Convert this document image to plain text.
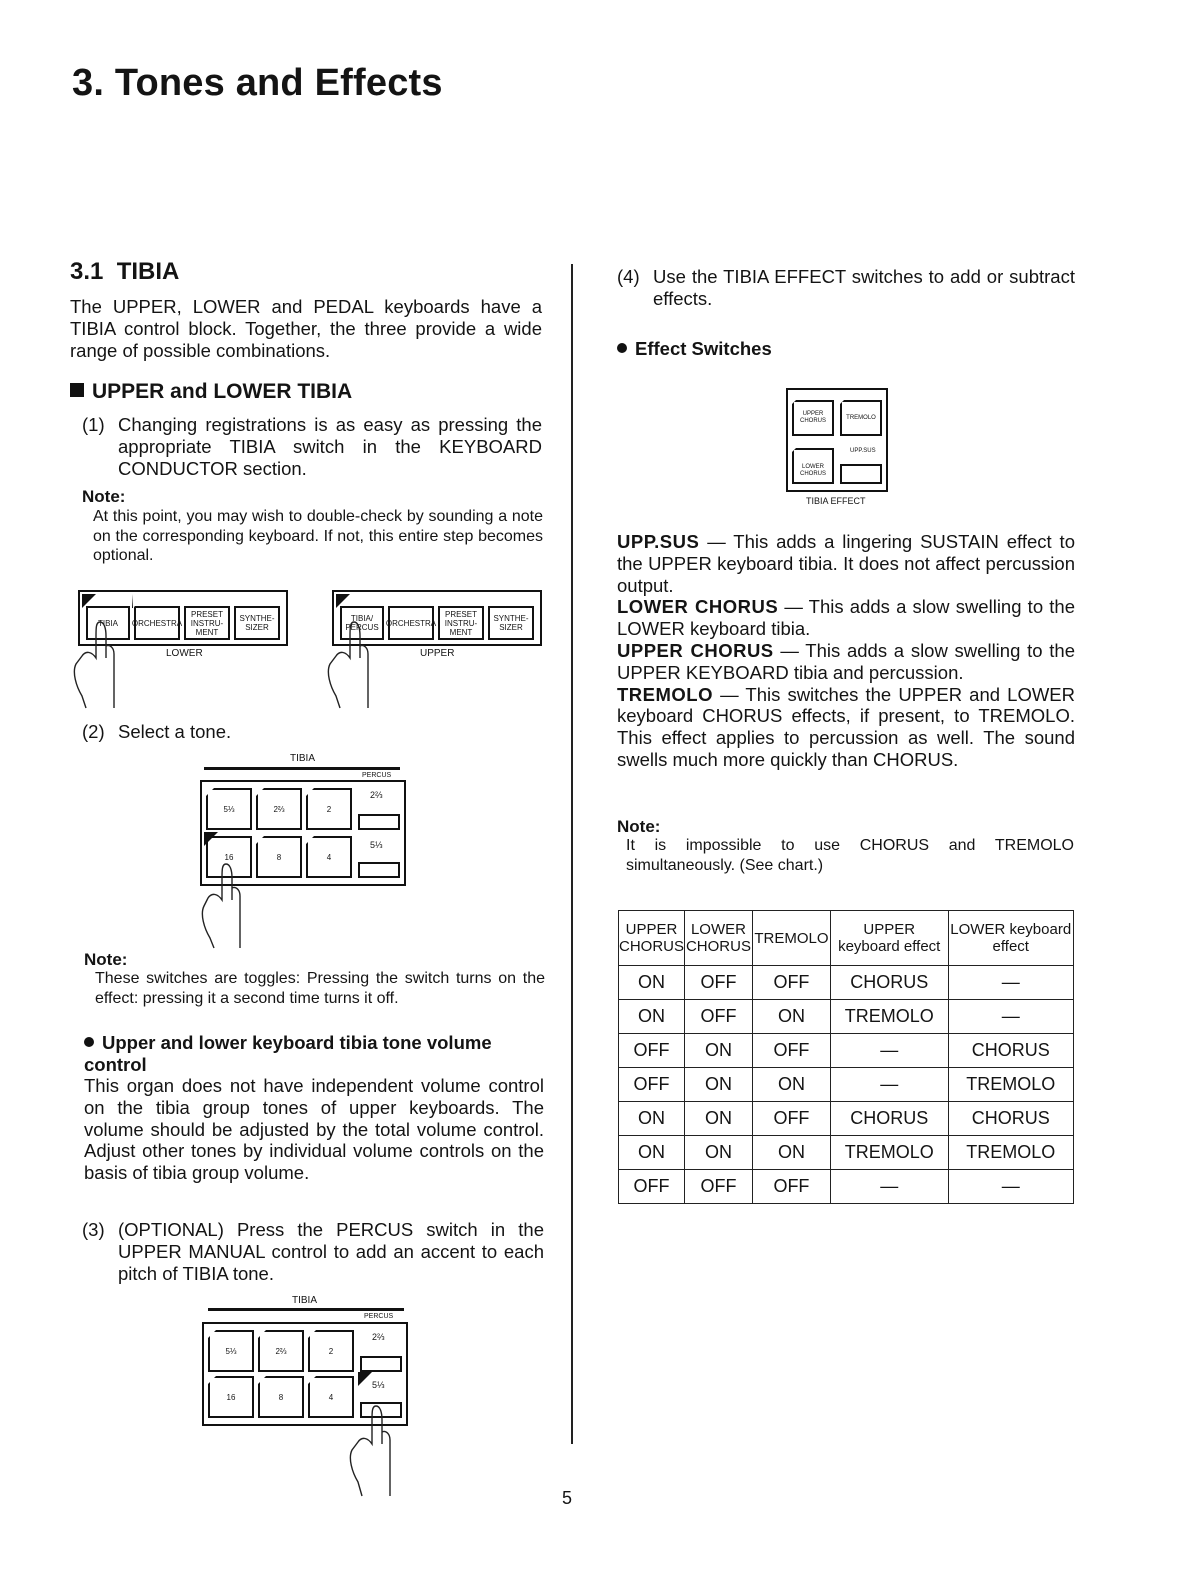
3. Tones and Effects
3.1 TIBIA

The UPPER, LOWER and PEDAL keyboards have a TIBIA control block. Together, the three provide a wide range of possible combinations.

UPPER and LOWER TIBIA
(1) Changing registrations is as easy as pressing the appropriate TIBIA switch in the KEYBOARD CONDUCTOR section.
Note:
At this point, you may wish to double-check by sounding a note on the corresponding keyboard. If not, this entire step becomes optional.
TIBIA ORCHESTRA
PRESET INSTRU- MENT
SYNTHE- SIZER
LOWER
TIBIA/ PERCUS ORCHESTRA
PRESET INSTRU- MENT
SYNTHE- SIZER
UPPER
(2) Select a tone.
TIBIA
PERCUS
5⅓	2⅔	2
16	8	4
2⅔
5⅓
Note:
These switches are toggles: Pressing the switch turns on the effect: pressing it a second time turns it off.
Upper and lower keyboard tibia tone volume control

This organ does not have independent volume control on the tibia group tones of upper keyboards. The volume should be adjusted by the total volume control. Adjust other tones by individual volume controls on the basis of tibia group volume.

(3) (OPTIONAL) Press the PERCUS switch in the UPPER MANUAL control to add an accent to each pitch of TIBIA tone.
TIBIA
PERCUS
5⅓	2⅔	2
16	8	4
2⅔
5⅓
(4) Use the TIBIA EFFECT switches to add or subtract effects.
Effect Switches
UPPER CHORUS
TREMOLO
LOWER CHORUS
UPP.SUS
TIBIA EFFECT
UPP.SUS — This adds a lingering SUSTAIN effect to the UPPER keyboard tibia. It does not affect percussion output.
LOWER CHORUS — This adds a slow swelling to the LOWER keyboard tibia.
UPPER CHORUS — This adds a slow swelling to the UPPER KEYBOARD tibia and percussion.
TREMOLO — This switches the UPPER and LOWER keyboard CHORUS effects, if present, to TREMOLO. This effect applies to percussion as well. The sound swells much more quickly than CHORUS.
Note:
It is impossible to use CHORUS and TREMOLO simultaneously. (See chart.)
UPPER CHORUS	LOWER CHORUS	TREMOLO	UPPER keyboard effect	LOWER keyboard effect
ON	OFF	OFF	CHORUS	—
ON	OFF	ON	TREMOLO	—
OFF	ON	OFF	—	CHORUS
OFF	ON	ON	—	TREMOLO
ON	ON	OFF	CHORUS	CHORUS
ON	ON	ON	TREMOLO	TREMOLO
OFF	OFF	OFF	—	—
5
